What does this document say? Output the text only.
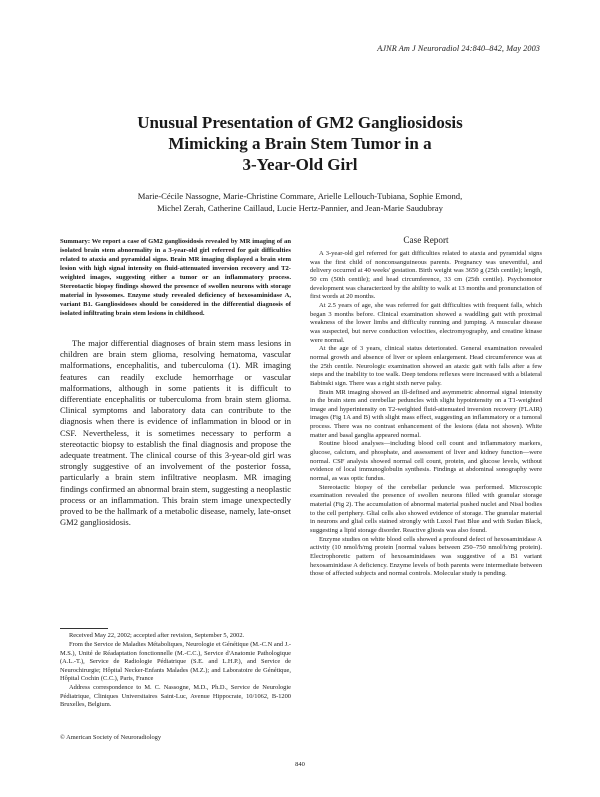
AJNR Am J Neuroradiol 24:840–842, May 2003
Unusual Presentation of GM2 Gangliosidosis
Mimicking a Brain Stem Tumor in a
3-Year-Old Girl
Marie-Cécile Nassogne, Marie-Christine Commare, Arielle Lellouch-Tubiana, Sophie Emond,
Michel Zerah, Catherine Caillaud, Lucie Hertz-Pannier, and Jean-Marie Saudubray

Summary: We report a case of GM2 gangliosidosis revealed by MR imaging of an isolated brain stem abnormality in a 3-year-old girl referred for gait difficulties related to ataxia and pyramidal signs. Brain MR imaging displayed a brain stem lesion with high signal intensity on fluid-attenuated inversion recovery and T2-weighted images, suggesting either a tumor or an inflammatory process. Stereotactic biopsy findings showed the presence of swollen neurons with storage material in lysosomes. Enzyme study revealed deficiency of hexosaminidase A, variant B1. Gangliosidoses should be considered in the differential diagnosis of isolated infiltrating brain stem lesions in childhood.

The major differential diagnoses of brain stem mass lesions in children are brain stem glioma, resolving hematoma, vascular malformations, encephalitis, and tuberculoma (1). MR imaging features can readily exclude hemorrhage or vascular malformations, although in some patients it is difficult to differentiate encephalitis or tuberculoma from brain stem glioma. Clinical symptoms and laboratory data can contribute to the diagnosis when there is evidence of inflammation in blood or in CSF. Nevertheless, it is sometimes necessary to perform a stereotactic biopsy to establish the final diagnosis and propose the adequate treatment. The clinical course of this 3-year-old girl was strongly suggestive of an involvement of the posterior fossa, particularly a brain stem infiltrative neoplasm. MR imaging findings confirmed an abnormal brain stem, suggesting a neoplastic process or an inflammation. This brain stem image unexpectedly proved to be the hallmark of a metabolic disease, namely, late-onset GM2 gangliosidosis.

Received May 22, 2002; accepted after revision, September 5, 2002.

From the Service de Maladies Métaboliques, Neurologie et Génétique (M.-C.N and J.-M.S.), Unité de Réadaptation fonctionnelle (M.-C.C.), Service d'Anatomie Pathologique (A.L.-T.), Service de Radiologie Pédiatrique (S.E. and L.H.P.), and Service de Neurochirurgie; Hôpital Necker-Enfants Malades (M.Z.); and Laboratoire de Génétique, Hôpital Cochin (C.C.), Paris, France

Address correspondence to M. C. Nassogne, M.D., Ph.D., Service de Neurologie Pédiatrique, Cliniques Universitaires Saint-Luc, Avenue Hippocrate, 10/1062, B-1200 Bruxelles, Belgium.

© American Society of Neuroradiology
Case Report

A 3-year-old girl referred for gait difficulties related to ataxia and pyramidal signs was the first child of nonconsanguineous parents. Pregnancy was uneventful, and delivery occurred at 40 weeks' gestation. Birth weight was 3650 g (25th centile); length, 50 cm (50th centile); and head circumference, 33 cm (25th centile). Psychomotor development was characterized by the ability to walk at 13 months and pronunciation of first words at 20 months.

At 2.5 years of age, she was referred for gait difficulties with frequent falls, which began 3 months before. Clinical examination showed a waddling gait with proximal weakness of the lower limbs and difficulty running and jumping. A muscular disease was suspected, but nerve conduction velocities, electromyography, and creatine kinase were normal.

At the age of 3 years, clinical status deteriorated. General examination revealed normal growth and absence of liver or spleen enlargement. Head circumference was at the 25th centile. Neurologic examination showed an ataxic gait with falls after a few steps and the inability to toe walk. Deep tendons reflexes were increased with a bilateral Babinski sign. There was a right sixth nerve palsy.

Brain MR imaging showed an ill-defined and asymmetric abnormal signal intensity in the brain stem and cerebellar peduncles with slight hypointensity on a T1-weighted image and hyperintensity on T2-weighted fluid-attenuated inversion recovery (FLAIR) images (Fig 1A and B) with slight mass effect, suggesting an inflammatory or a tumoral process. There was no contrast enhancement of the lesions (data not shown). White matter and basal ganglia appeared normal.

Routine blood analyses—including blood cell count and inflammatory markers, glucose, calcium, and phosphate, and assessment of liver and kidney function—were normal. CSF analysis showed normal cell count, protein, and glucose levels, without evidence of local immunoglobulin synthesis. Findings at abdominal sonography were normal, as was optic fundus.

Stereotactic biopsy of the cerebellar peduncle was performed. Microscopic examination revealed the presence of swollen neurons filled with granular storage material (Fig 2). The accumulation of abnormal material pushed nuclei and Nissl bodies to the cell periphery. Glial cells also showed evidence of storage. The granular material in neurons and glial cells stained strongly with Luxol Fast Blue and with Sudan Black, suggesting a lipid storage disorder. Reactive gliosis was also found.

Enzyme studies on white blood cells showed a profound defect of hexosaminidase A activity (10 nmol/h/mg protein [normal values between 250–750 nmol/h/mg protein). Electrophoretic pattern of hexosaminidases was suggestive of a B1 variant hexosaminidase A deficiency. Enzyme levels of both parents were intermediate between those of affected subjects and normal controls. Molecular study is pending.

840
